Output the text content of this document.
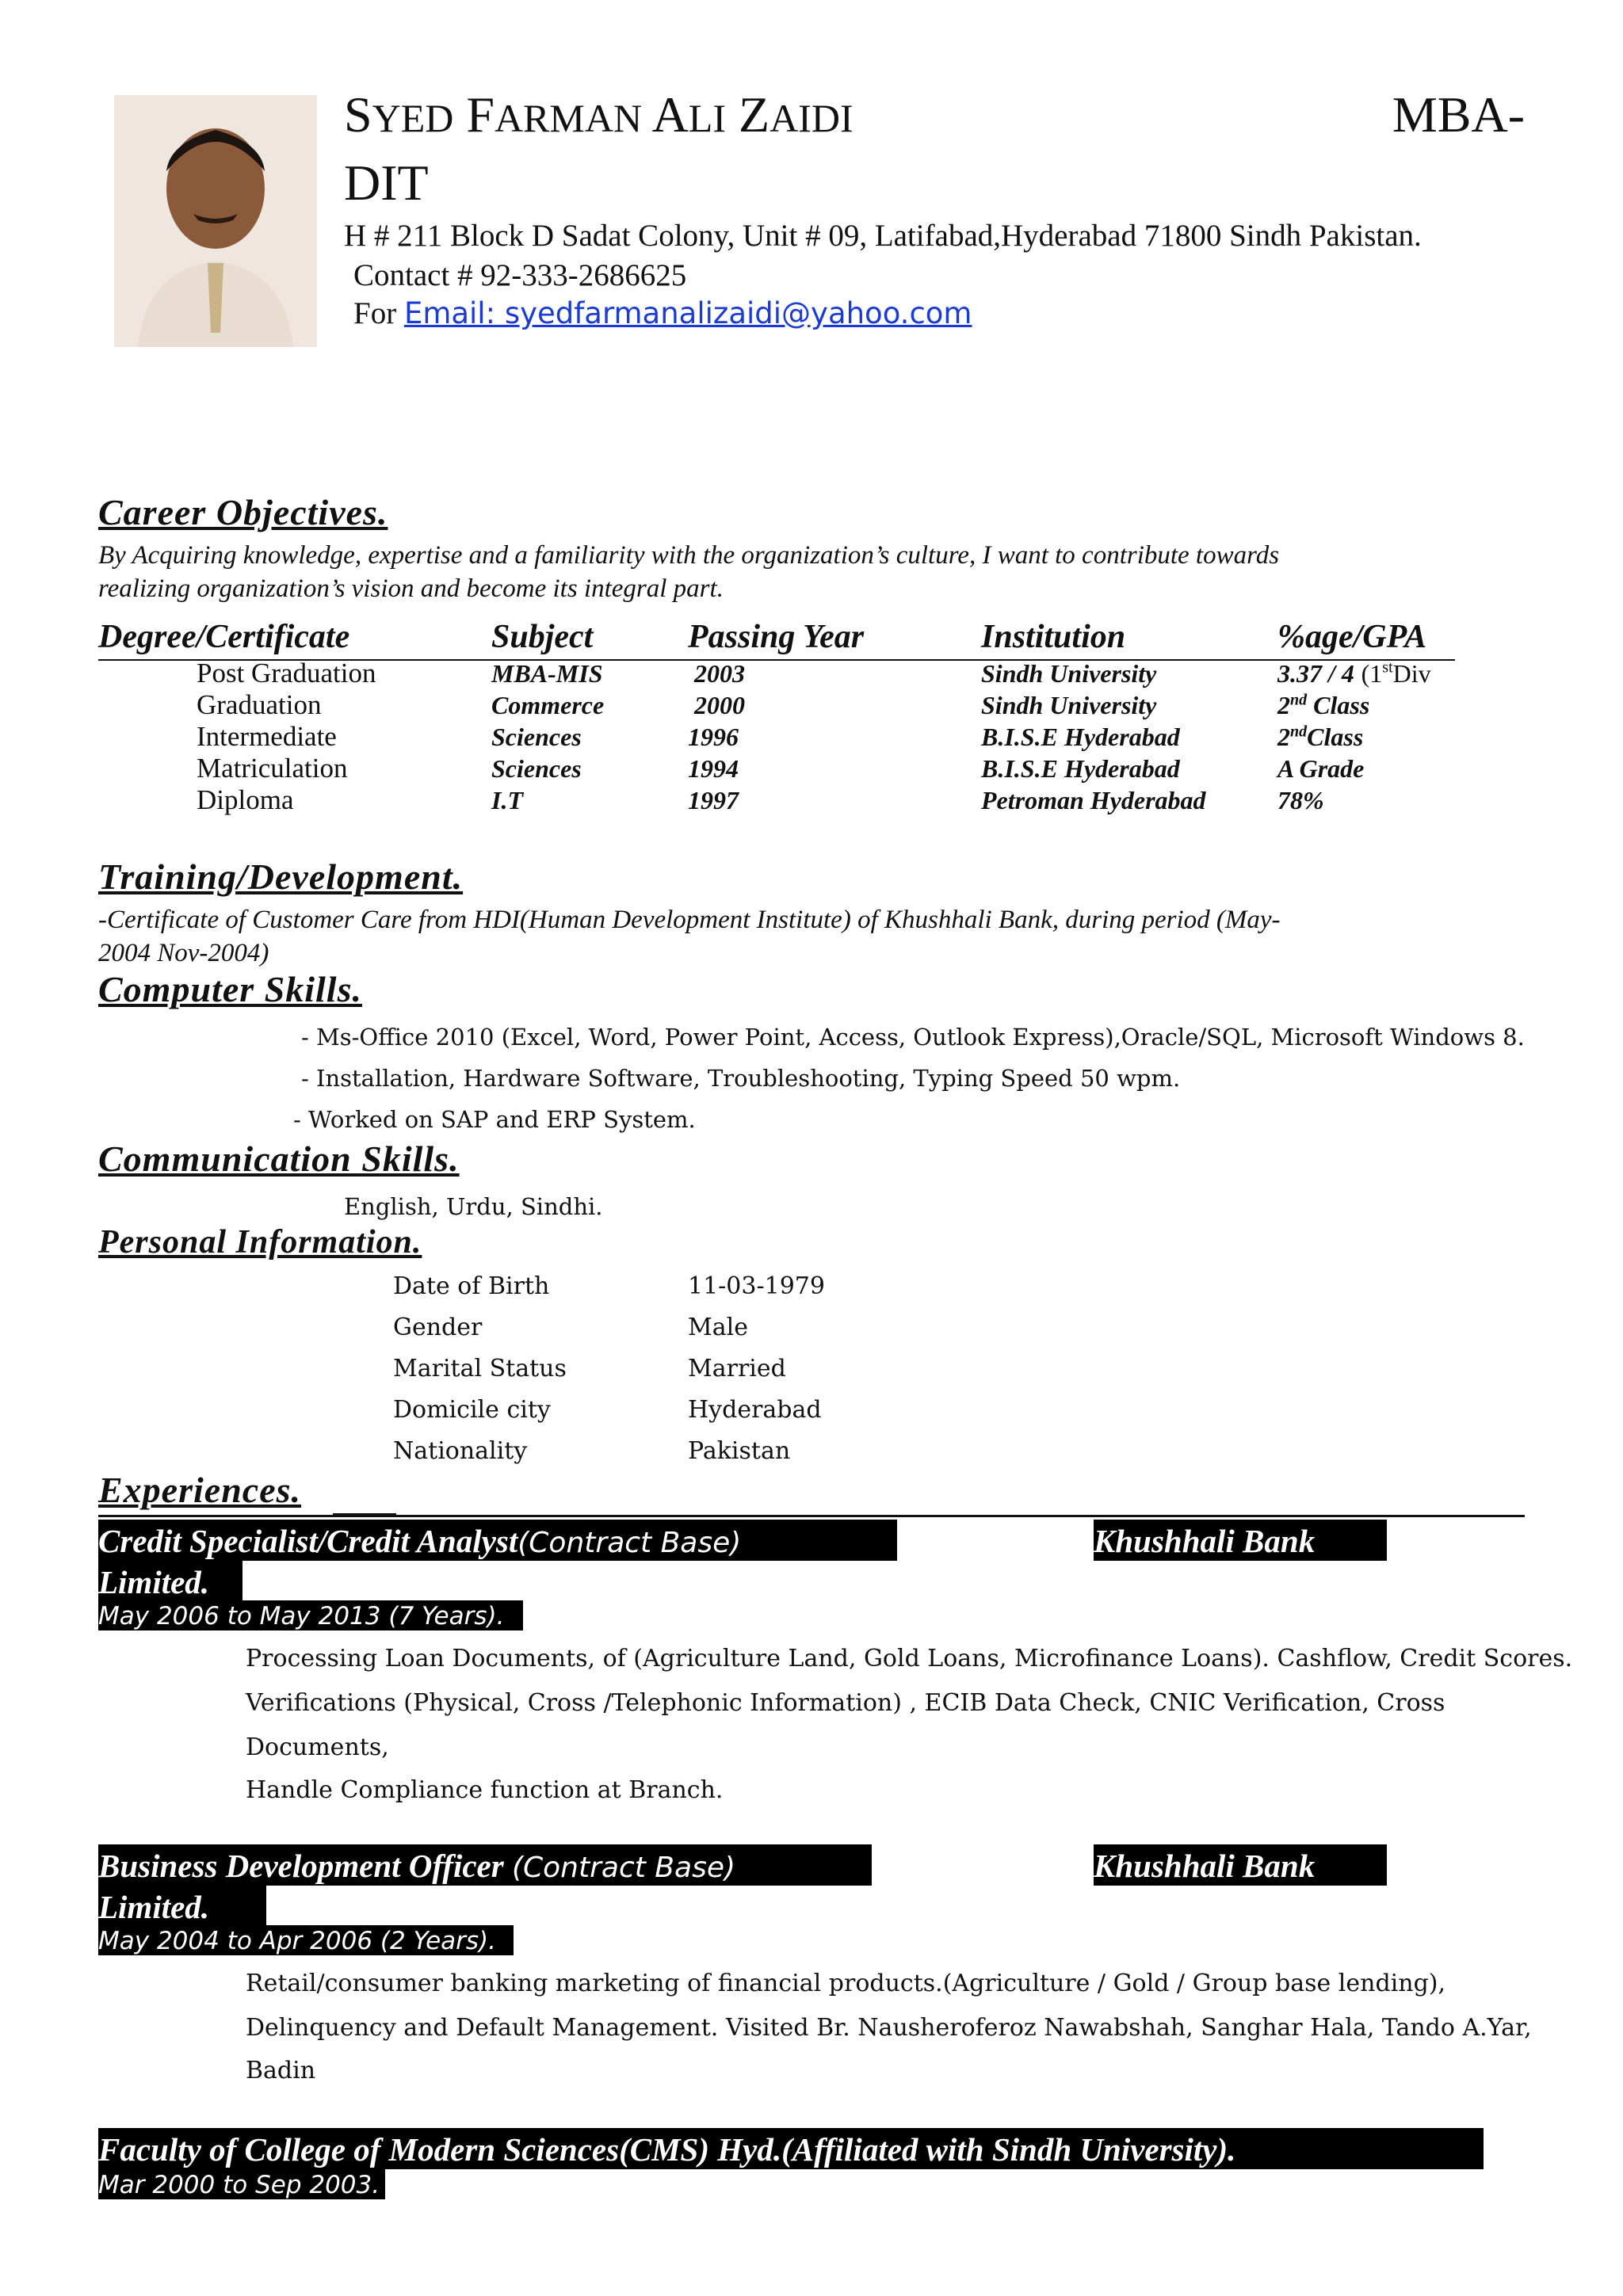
SYED FARMAN ALI ZAIDI	MBA-
DIT
H # 211 Block D Sadat Colony, Unit # 09, Latifabad,Hyderabad 71800 Sindh Pakistan.
Contact # 92-333-2686625
For Email: syedfarmanalizaidi@yahoo.com
Career Objectives.
By Acquiring knowledge, expertise and a familiarity with the organization’s culture, I want to contribute towards
realizing organization’s vision and become its integral part.
Degree/Certificate	Subject	Passing Year	Institution	%age/GPA
Post Graduation	MBA-MIS	2003	Sindh University	3.37 / 4 (1stDiv
Graduation	Commerce	2000	Sindh University	2nd Class
Intermediate	Sciences	1996	B.I.S.E Hyderabad	2ndClass
Matriculation	Sciences	1994	B.I.S.E Hyderabad	A Grade
Diploma	I.T	1997	Petroman Hyderabad	78%
Training/Development.
-Certificate of Customer Care from HDI(Human Development Institute) of Khushhali Bank, during period (May-
2004 Nov-2004)
Computer Skills.
- Ms-Office 2010 (Excel, Word, Power Point, Access, Outlook Express),Oracle/SQL, Microsoft Windows 8.
- Installation, Hardware Software, Troubleshooting, Typing Speed 50 wpm.
- Worked on SAP and ERP System.
Communication Skills.
English, Urdu, Sindhi.
Personal Information.
Date of Birth	11-03-1979
Gender	Male
Marital Status	Married
Domicile city	Hyderabad
Nationality	Pakistan
Experiences.
Credit Specialist/Credit Analyst(Contract Base)	Khushhali Bank
Limited.
May 2006 to May 2013 (7 Years).
Processing Loan Documents, of (Agriculture Land, Gold Loans, Microfinance Loans). Cashflow, Credit Scores.
Verifications (Physical, Cross /Telephonic Information) , ECIB Data Check, CNIC Verification, Cross
Documents,
Handle Compliance function at Branch.
Business Development Officer (Contract Base)	Khushhali Bank
Limited.
May 2004 to Apr 2006 (2 Years).
Retail/consumer banking marketing of financial products.(Agriculture / Gold / Group base lending),
Delinquency and Default Management. Visited Br. Nausheroferoz Nawabshah, Sanghar Hala, Tando A.Yar,
Badin
Faculty of College of Modern Sciences(CMS) Hyd.(Affiliated with Sindh University).
Mar 2000 to Sep 2003.
